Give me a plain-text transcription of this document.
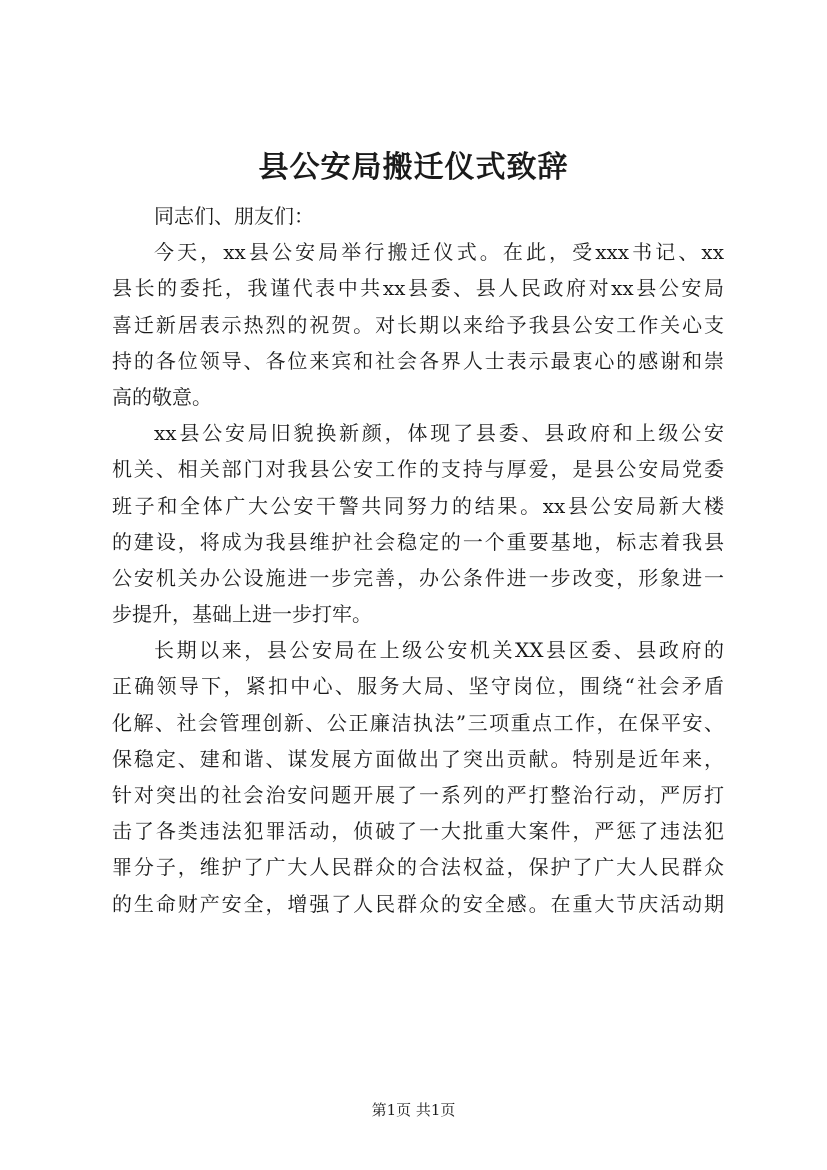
县公安局搬迁仪式致辞
同志们、朋友们：
今天，xx县公安局举行搬迁仪式。在此，受xxx书记、xx
县长的委托，我谨代表中共xx县委、县人民政府对xx县公安局
喜迁新居表示热烈的祝贺。对长期以来给予我县公安工作关心支
持的各位领导、各位来宾和社会各界人士表示最衷心的感谢和崇
高的敬意。
xx县公安局旧貌换新颜，体现了县委、县政府和上级公安
机关、相关部门对我县公安工作的支持与厚爱，是县公安局党委
班子和全体广大公安干警共同努力的结果。xx县公安局新大楼
的建设，将成为我县维护社会稳定的一个重要基地，标志着我县
公安机关办公设施进一步完善，办公条件进一步改变，形象进一
步提升，基础上进一步打牢。
长期以来，县公安局在上级公安机关XX县区委、县政府的
正确领导下，紧扣中心、服务大局、坚守岗位，围绕“社会矛盾
化解、社会管理创新、公正廉洁执法”三项重点工作，在保平安、
保稳定、建和谐、谋发展方面做出了突出贡献。特别是近年来，
针对突出的社会治安问题开展了一系列的严打整治行动，严厉打
击了各类违法犯罪活动，侦破了一大批重大案件，严惩了违法犯
罪分子，维护了广大人民群众的合法权益，保护了广大人民群众
的生命财产安全，增强了人民群众的安全感。在重大节庆活动期
第1页 共1页
